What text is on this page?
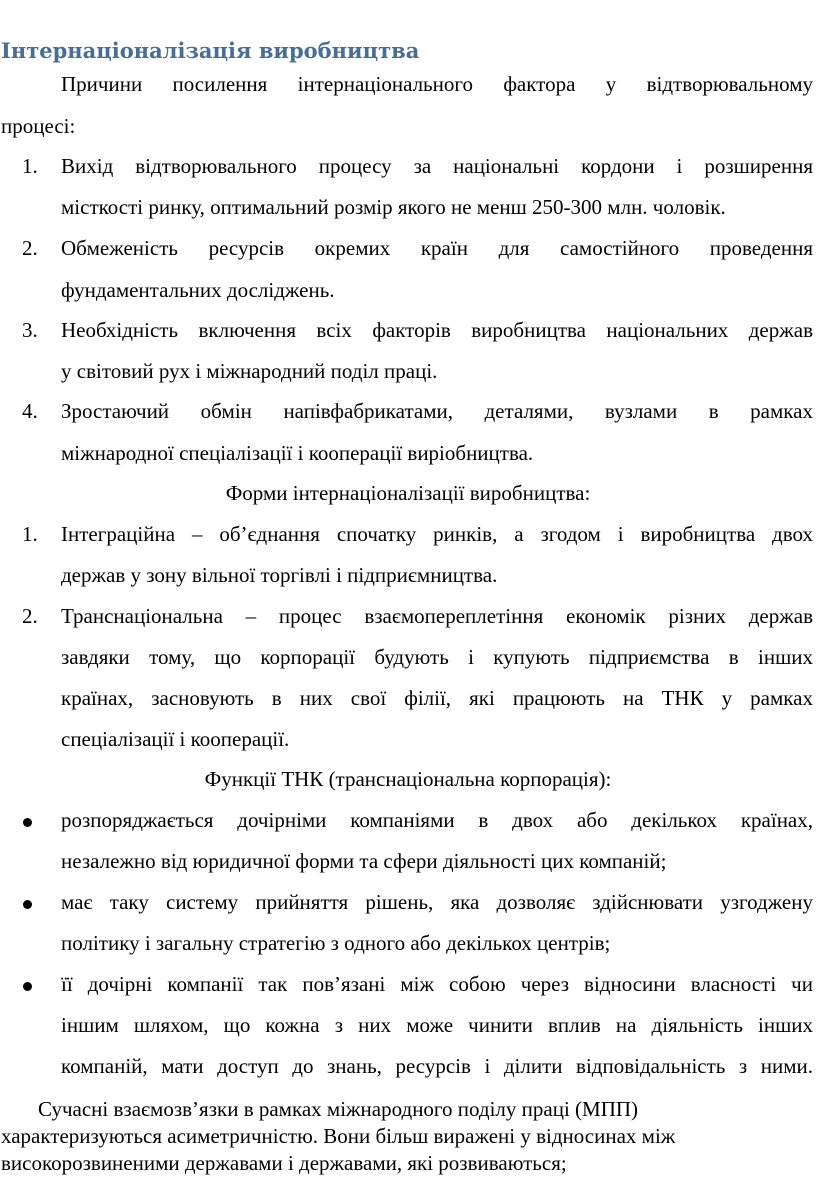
Інтернаціоналізація виробництва
Причини посилення інтернаціонального фактора у відтворювальному
процесі:
1. Вихід відтворювального процесу за національні кордони і розширення
місткості ринку, оптимальний розмір якого не менш 250-300 млн. чоловік.
2. Обмеженість ресурсів окремих країн для самостійного проведення
фундаментальних досліджень.
3. Необхідність включення всіх факторів виробництва національних держав
у світовий рух і міжнародний поділ праці.
4. Зростаючий обмін напівфабрикатами, деталями, вузлами в рамках
міжнародної спеціалізації і кооперації виріобництва.
Форми інтернаціоналізації виробництва:
1. Інтеграційна – об’єднання спочатку ринків, а згодом і виробництва двох
держав у зону вільної торгівлі і підприємництва.
2. Транснаціональна – процес взаємопереплетіння економік різних держав
завдяки тому, що корпорації будують і купують підприємства в інших
країнах, засновують в них свої філії, які працюють на ТНК у рамках
спеціалізації і кооперації.
Функції ТНК (транснаціональна корпорація):
розпоряджається дочірніми компаніями в двох або декількох країнах,
незалежно від юридичної форми та сфери діяльності цих компаній;
має таку систему прийняття рішень, яка дозволяє здійснювати узгоджену
політику і загальну стратегію з одного або декількох центрів;
її дочірні компанії так пов’язані між собою через відносини власності чи
іншим шляхом, що кожна з них може чинити вплив на діяльність інших
компаній, мати доступ до знань, ресурсів і ділити відповідальність з ними.
Сучасні взаємозв’язки в рамках міжнародного поділу праці (МПП)
характеризуються асиметричністю. Вони більш виражені у відносинах між
високорозвиненими державами і державами, які розвиваються;
